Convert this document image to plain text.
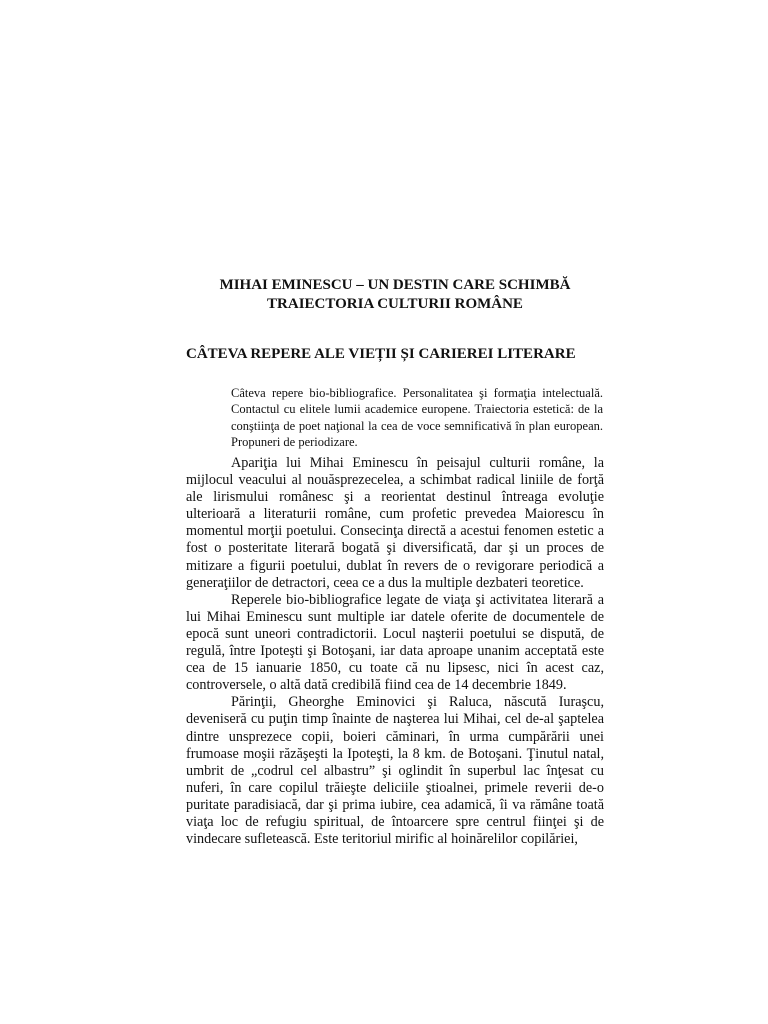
MIHAI EMINESCU – UN DESTIN CARE SCHIMBĂ
TRAIECTORIA CULTURII ROMÂNE
CÂTEVA REPERE ALE VIEȚII ȘI CARIEREI LITERARE

Câteva repere bio-bibliografice. Personalitatea şi formaţia intelectuală. Contactul cu elitele lumii academice europene. Traiectoria estetică: de la conştiinţa de poet naţional la cea de voce semnificativă în plan european. Propuneri de periodizare.

Apariţia lui Mihai Eminescu în peisajul culturii române, la mijlocul veacului al nouăsprezecelea, a schimbat radical liniile de forţă ale lirismului românesc şi a reorientat destinul întreaga evoluţie ulterioară a literaturii române, cum profetic prevedea Maiorescu în momentul morţii poetului. Consecinţa directă a acestui fenomen estetic a fost o posteritate literară bogată şi diversificată, dar şi un proces de mitizare a figurii poetului, dublat în revers de o revigorare periodică a generaţiilor de detractori, ceea ce a dus la multiple dezbateri teoretice.

Reperele bio-bibliografice legate de viaţa şi activitatea literară a lui Mihai Eminescu sunt multiple iar datele oferite de documentele de epocă sunt uneori contradictorii. Locul naşterii poetului se dispută, de regulă, între Ipoteşti şi Botoşani, iar data aproape unanim acceptată este cea de 15 ianuarie 1850, cu toate că nu lipsesc, nici în acest caz, controversele, o altă dată credibilă fiind cea de 14 decembrie 1849.

Părinţii, Gheorghe Eminovici şi Raluca, născută Iuraşcu, deveniseră cu puţin timp înainte de naşterea lui Mihai, cel de-al şaptelea dintre unsprezece copii, boieri căminari, în urma cumpărării unei frumoase moşii răzăşeşti la Ipoteşti, la 8 km. de Botoşani. Ţinutul natal, umbrit de „codrul cel albastru” şi oglindit în superbul lac înţesat cu nuferi, în care copilul trăieşte deliciile ştioalnei, primele reverii de-o puritate paradisiacă, dar şi prima iubire, cea adamică, îi va rămâne toată viaţa loc de refugiu spiritual, de întoarcere spre centrul fiinţei şi de vindecare sufletească. Este teritoriul mirific al hoinărelilor copilăriei,
